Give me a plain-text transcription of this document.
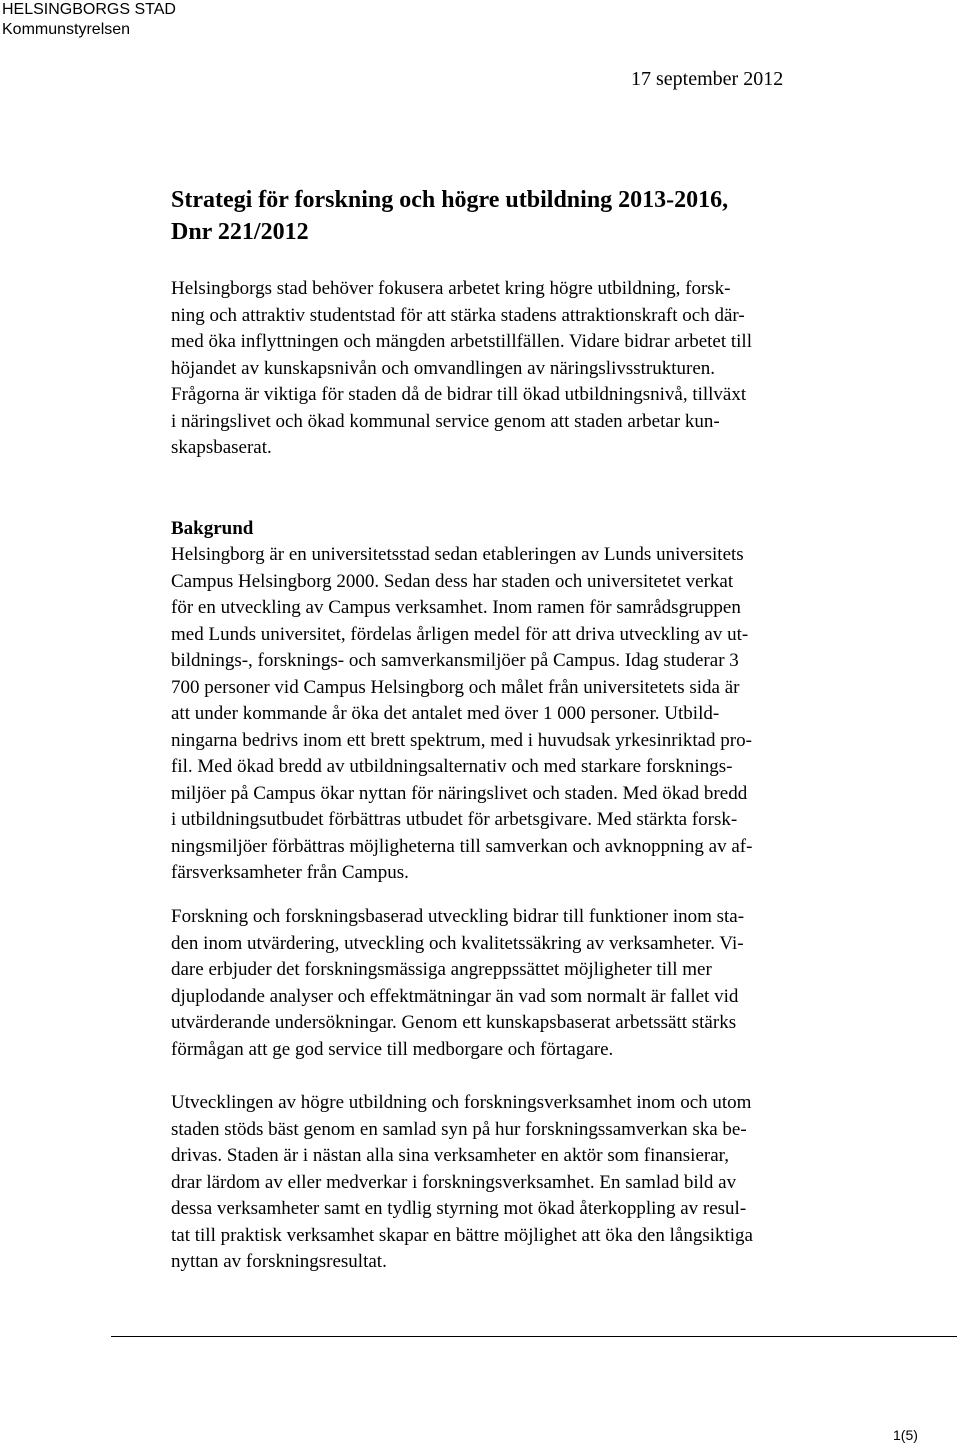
HELSINGBORGS STAD
Kommunstyrelsen
17 september 2012
Strategi för forskning och högre utbildning 2013-2016,
Dnr 221/2012

Helsingborgs stad behöver fokusera arbetet kring högre utbildning, forsk-
ning och attraktiv studentstad för att stärka stadens attraktionskraft och där-
med öka inflyttningen och mängden arbetstillfällen. Vidare bidrar arbetet till
höjandet av kunskapsnivån och omvandlingen av näringslivsstrukturen.
Frågorna är viktiga för staden då de bidrar till ökad utbildningsnivå, tillväxt
i näringslivet och ökad kommunal service genom att staden arbetar kun-
skapsbaserat.

Bakgrund

Helsingborg är en universitetsstad sedan etableringen av Lunds universitets
Campus Helsingborg 2000. Sedan dess har staden och universitetet verkat
för en utveckling av Campus verksamhet. Inom ramen för samrådsgruppen
med Lunds universitet, fördelas årligen medel för att driva utveckling av ut-
bildnings-, forsknings- och samverkansmiljöer på Campus. Idag studerar 3
700 personer vid Campus Helsingborg och målet från universitetets sida är
att under kommande år öka det antalet med över 1 000 personer. Utbild-
ningarna bedrivs inom ett brett spektrum, med i huvudsak yrkesinriktad pro-
fil. Med ökad bredd av utbildningsalternativ och med starkare forsknings-
miljöer på Campus ökar nyttan för näringslivet och staden. Med ökad bredd
i utbildningsutbudet förbättras utbudet för arbetsgivare. Med stärkta forsk-
ningsmiljöer förbättras möjligheterna till samverkan och avknoppning av af-
färsverksamheter från Campus.

Forskning och forskningsbaserad utveckling bidrar till funktioner inom sta-
den inom utvärdering, utveckling och kvalitetssäkring av verksamheter. Vi-
dare erbjuder det forskningsmässiga angreppssättet möjligheter till mer
djuplodande analyser och effektmätningar än vad som normalt är fallet vid
utvärderande undersökningar. Genom ett kunskapsbaserat arbetssätt stärks
förmågan att ge god service till medborgare och förtagare.

Utvecklingen av högre utbildning och forskningsverksamhet inom och utom
staden stöds bäst genom en samlad syn på hur forskningssamverkan ska be-
drivas. Staden är i nästan alla sina verksamheter en aktör som finansierar,
drar lärdom av eller medverkar i forskningsverksamhet. En samlad bild av
dessa verksamheter samt en tydlig styrning mot ökad återkoppling av resul-
tat till praktisk verksamhet skapar en bättre möjlighet att öka den långsiktiga
nyttan av forskningsresultat.

1(5)
